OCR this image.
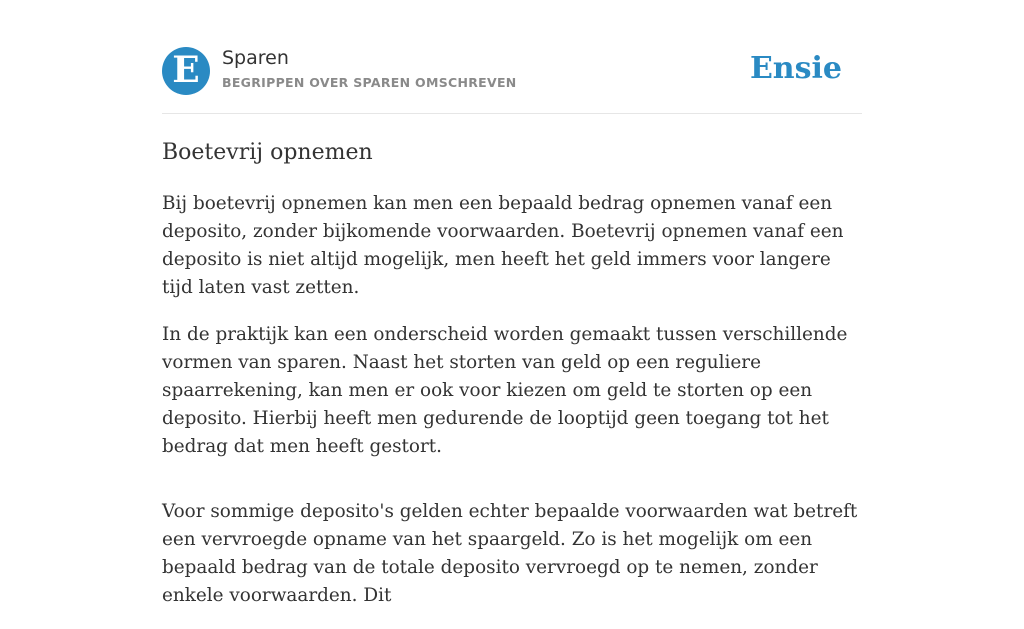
E Sparen
BEGRIPPEN OVER SPAREN OMSCHREVEN	Ensie
Boetevrij opnemen

Bij boetevrij opnemen kan men een bepaald bedrag opnemen vanaf een deposito, zonder bijkomende voorwaarden. Boetevrij opnemen vanaf een deposito is niet altijd mogelijk, men heeft het geld immers voor langere tijd laten vast zetten.

In de praktijk kan een onderscheid worden gemaakt tussen verschillende vormen van sparen. Naast het storten van geld op een reguliere spaarrekening, kan men er ook voor kiezen om geld te storten op een deposito. Hierbij heeft men gedurende de looptijd geen toegang tot het bedrag dat men heeft gestort.

Voor sommige deposito's gelden echter bepaalde voorwaarden wat betreft een vervroegde opname van het spaargeld. Zo is het mogelijk om een bepaald bedrag van de totale deposito vervroegd op te nemen, zonder enkele voorwaarden. Dit
